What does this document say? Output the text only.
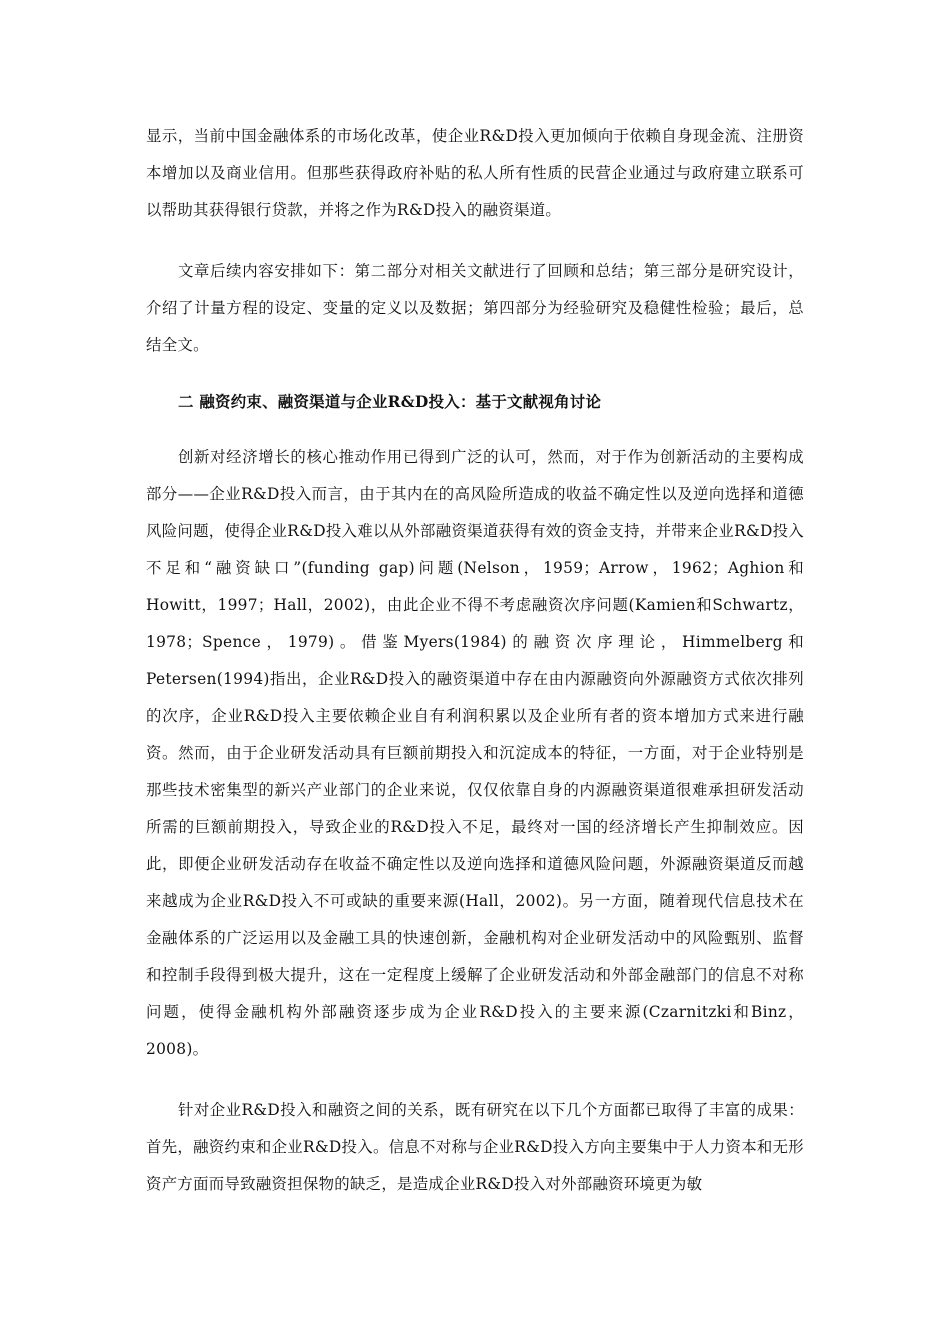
显示，当前中国金融体系的市场化改革，使企业R&D投入更加倾向于依赖自身现金流、注册资本增加以及商业信用。但那些获得政府补贴的私人所有性质的民营企业通过与政府建立联系可以帮助其获得银行贷款，并将之作为R&D投入的融资渠道。

文章后续内容安排如下：第二部分对相关文献进行了回顾和总结；第三部分是研究设计，介绍了计量方程的设定、变量的定义以及数据；第四部分为经验研究及稳健性检验；最后，总结全文。

二 融资约束、融资渠道与企业R&D投入：基于文献视角讨论

创新对经济增长的核心推动作用已得到广泛的认可，然而，对于作为创新活动的主要构成部分——企业R&D投入而言，由于其内在的高风险所造成的收益不确定性以及逆向选择和道德风险问题，使得企业R&D投入难以从外部融资渠道获得有效的资金支持，并带来企业R&D投入不足和“融资缺口”(funding gap)问题(Nelson，1959；Arrow，1962；Aghion和Howitt，1997；Hall，2002)，由此企业不得不考虑融资次序问题(Kamien和Schwartz，1978；Spence，1979)。借鉴Myers(1984)的融资次序理论，Himmelberg和Petersen(1994)指出，企业R&D投入的融资渠道中存在由内源融资向外源融资方式依次排列的次序，企业R&D投入主要依赖企业自有利润积累以及企业所有者的资本增加方式来进行融资。然而，由于企业研发活动具有巨额前期投入和沉淀成本的特征，一方面，对于企业特别是那些技术密集型的新兴产业部门的企业来说，仅仅依靠自身的内源融资渠道很难承担研发活动所需的巨额前期投入，导致企业的R&D投入不足，最终对一国的经济增长产生抑制效应。因此，即便企业研发活动存在收益不确定性以及逆向选择和道德风险问题，外源融资渠道反而越来越成为企业R&D投入不可或缺的重要来源(Hall，2002)。另一方面，随着现代信息技术在金融体系的广泛运用以及金融工具的快速创新，金融机构对企业研发活动中的风险甄别、监督和控制手段得到极大提升，这在一定程度上缓解了企业研发活动和外部金融部门的信息不对称问题，使得金融机构外部融资逐步成为企业R&D投入的主要来源(Czarnitzki和Binz，2008)。

针对企业R&D投入和融资之间的关系，既有研究在以下几个方面都已取得了丰富的成果：首先，融资约束和企业R&D投入。信息不对称与企业R&D投入方向主要集中于人力资本和无形资产方面而导致融资担保物的缺乏，是造成企业R&D投入对外部融资环境更为敏
